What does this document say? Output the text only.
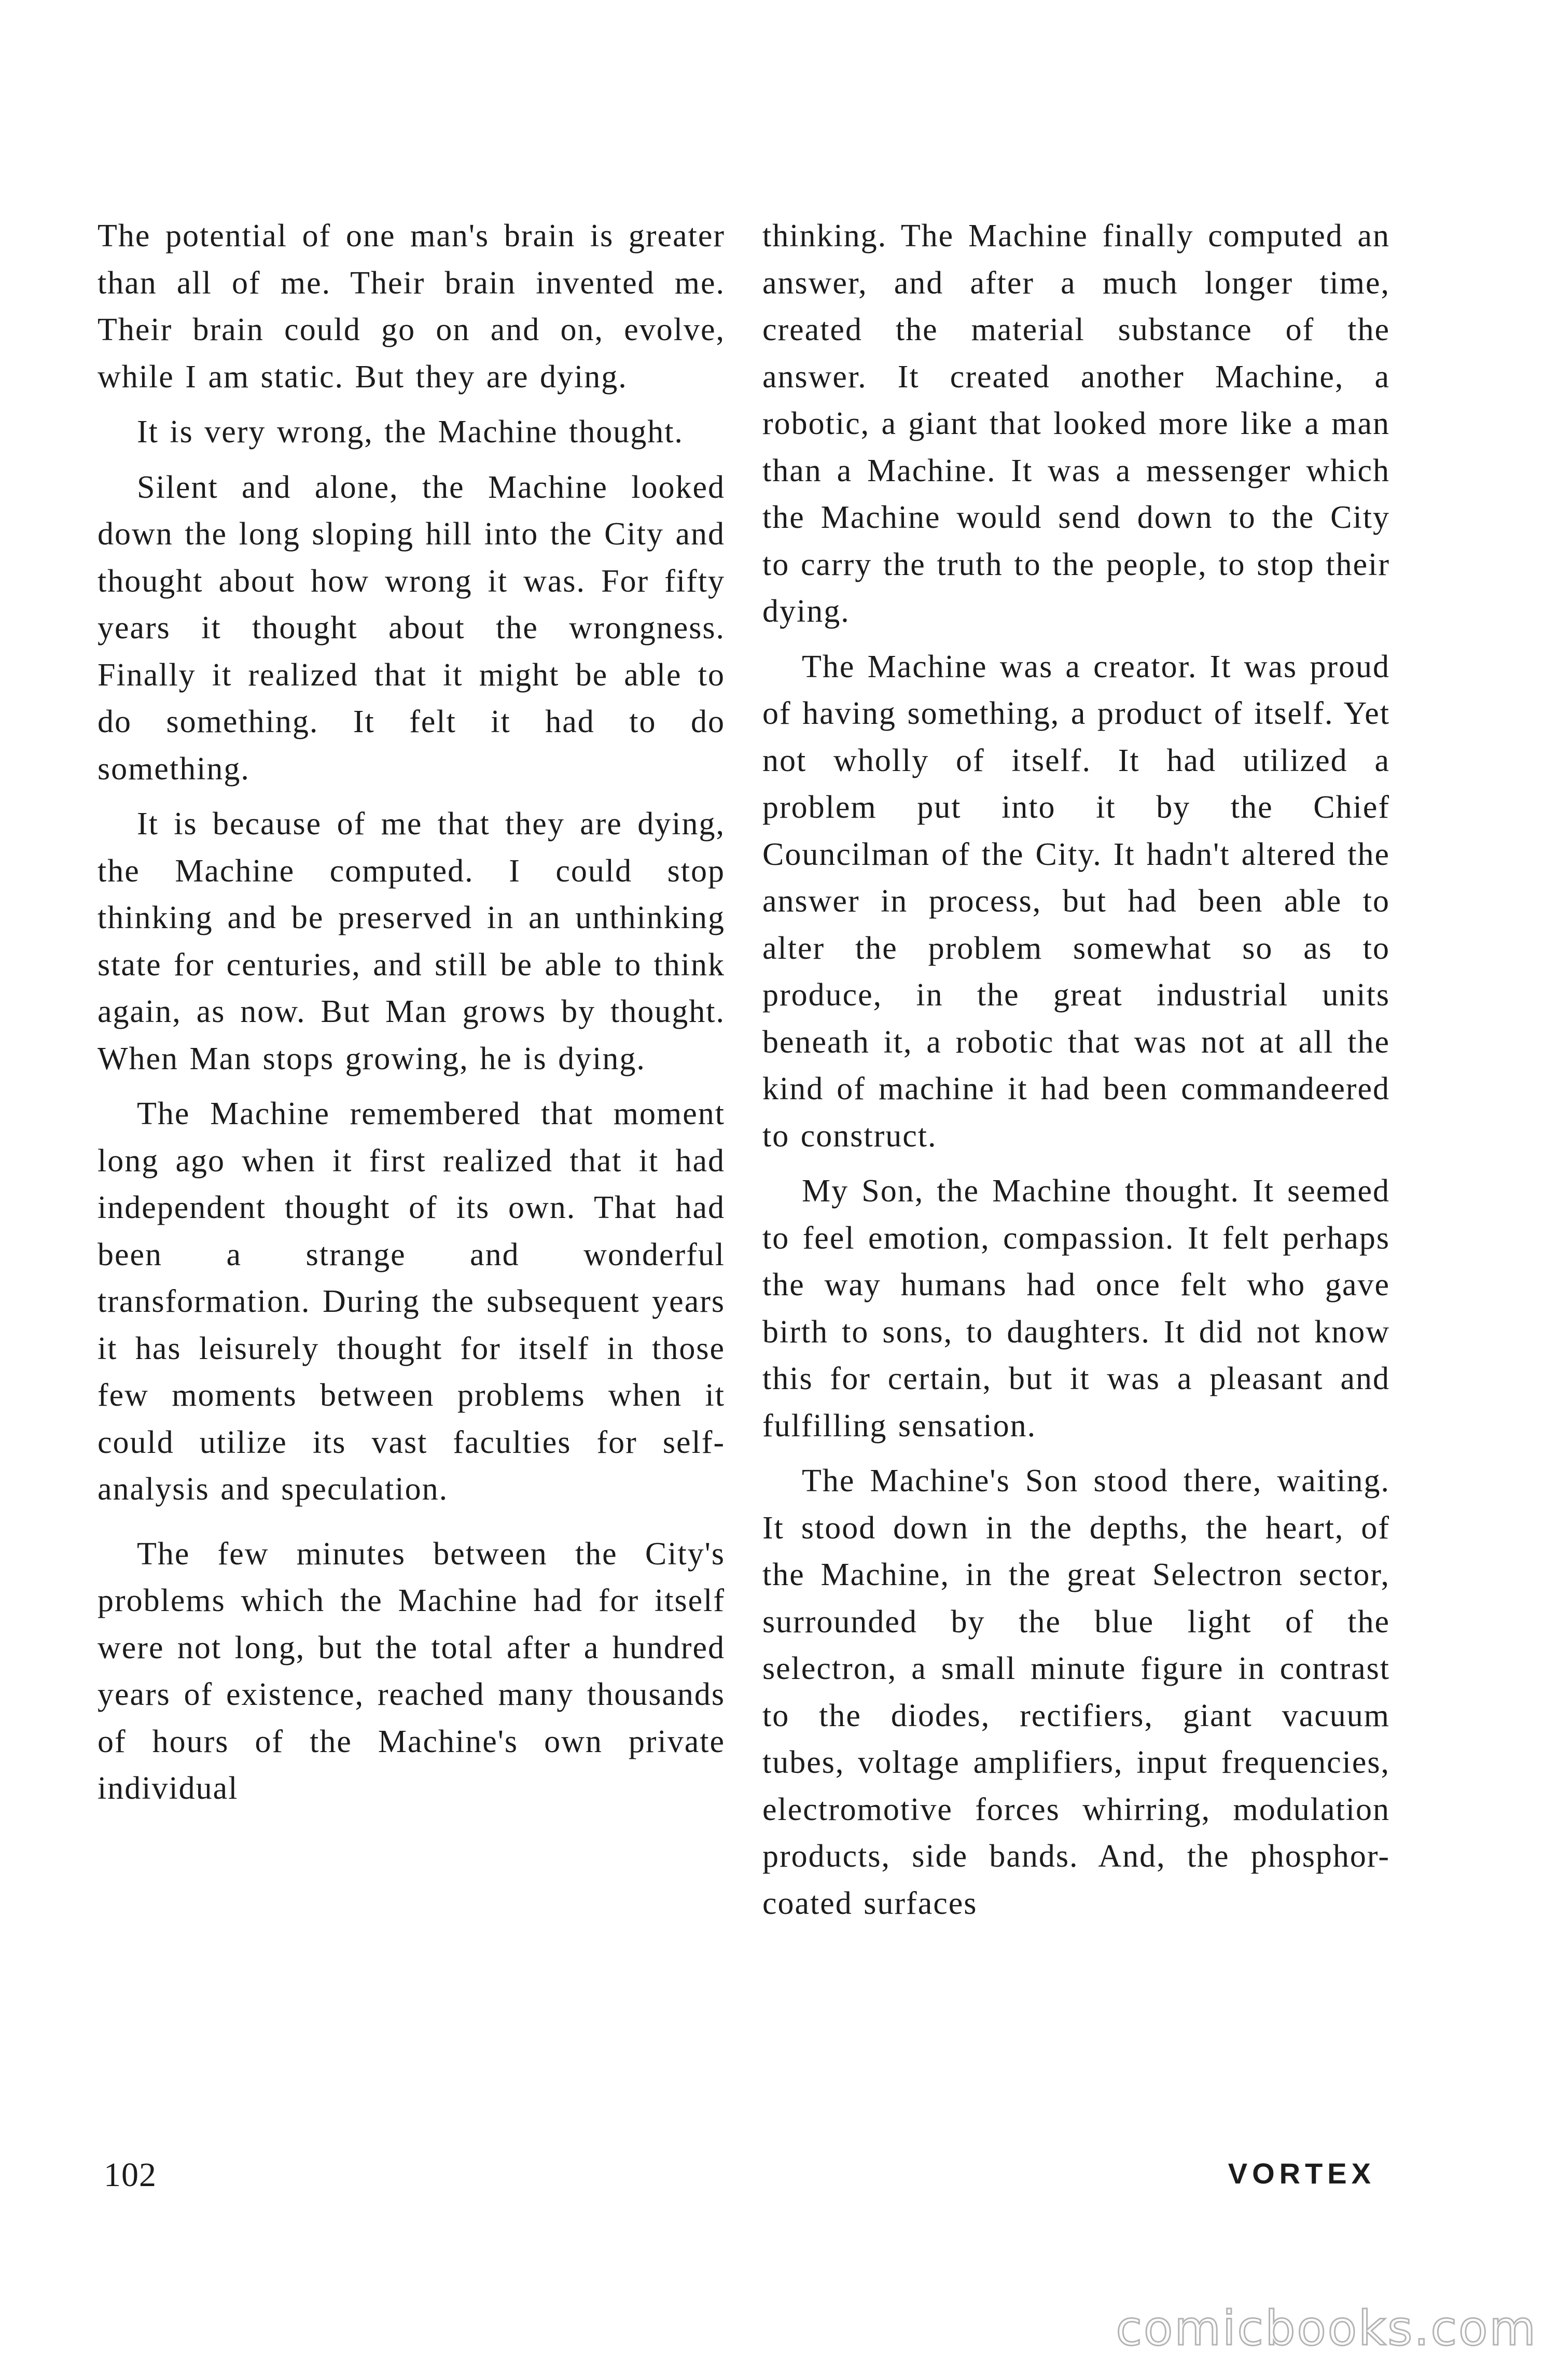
The potential of one man's brain is greater than all of me. Their brain invented me. Their brain could go on and on, evolve, while I am static. But they are dying.

It is very wrong, the Machine thought.

Silent and alone, the Machine looked down the long sloping hill into the City and thought about how wrong it was. For fifty years it thought about the wrongness. Finally it realized that it might be able to do something. It felt it had to do something.

It is because of me that they are dying, the Machine computed. I could stop thinking and be preserved in an unthinking state for centuries, and still be able to think again, as now. But Man grows by thought. When Man stops growing, he is dying.

The Machine remembered that moment long ago when it first realized that it had independent thought of its own. That had been a strange and wonderful transformation. During the subsequent years it has leisurely thought for itself in those few moments between problems when it could utilize its vast faculties for self-analysis and speculation.

The few minutes between the City's problems which the Machine had for itself were not long, but the total after a hundred years of existence, reached many thousands of hours of the Machine's own private individual

thinking. The Machine finally computed an answer, and after a much longer time, created the material substance of the answer. It created another Machine, a robotic, a giant that looked more like a man than a Machine. It was a messenger which the Machine would send down to the City to carry the truth to the people, to stop their dying.

The Machine was a creator. It was proud of having something, a product of itself. Yet not wholly of itself. It had utilized a problem put into it by the Chief Councilman of the City. It hadn't altered the answer in process, but had been able to alter the problem somewhat so as to produce, in the great industrial units beneath it, a robotic that was not at all the kind of machine it had been commandeered to construct.

My Son, the Machine thought. It seemed to feel emotion, compassion. It felt perhaps the way humans had once felt who gave birth to sons, to daughters. It did not know this for certain, but it was a pleasant and fulfilling sensation.

The Machine's Son stood there, waiting. It stood down in the depths, the heart, of the Machine, in the great Selectron sector, surrounded by the blue light of the selectron, a small minute figure in contrast to the diodes, rectifiers, giant vacuum tubes, voltage amplifiers, input frequencies, electromotive forces whirring, modulation products, side bands. And, the phosphor-coated surfaces

102	VORTEX
comicbooks.com
